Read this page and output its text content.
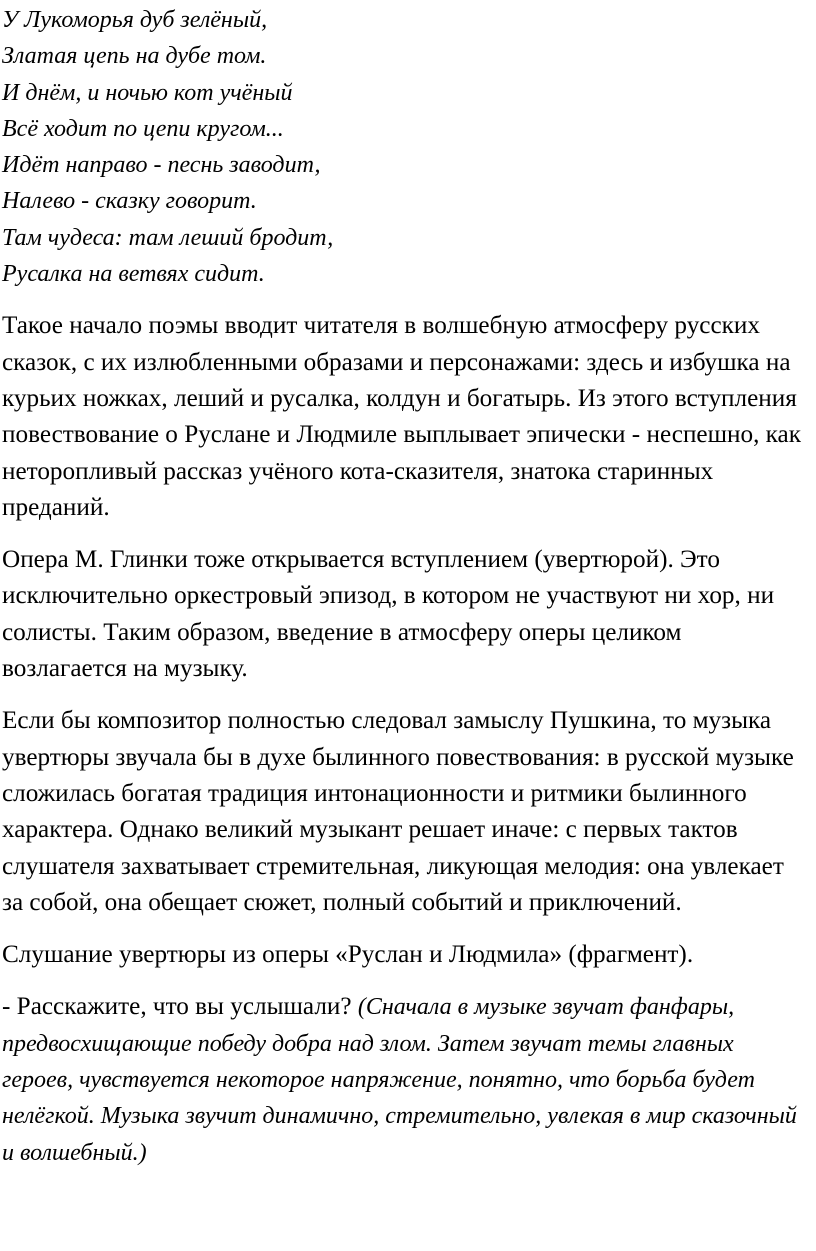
У Лукоморья дуб зелёный,
Златая цепь на дубе том.
И днём, и ночью кот учёный
Всё ходит по цепи кругом...
Идёт направо - песнь заводит,
Налево - сказку говорит.
Там чудеса: там леший бродит,
Русалка на ветвях сидит.

Такое начало поэмы вводит читателя в волшебную атмосферу русских сказок, с их излюбленными образами и персонажами: здесь и избушка на курьих ножках, леший и русалка, колдун и богатырь. Из этого вступления повествование о Руслане и Людмиле выплывает эпически - неспешно, как неторопливый рассказ учёного кота-сказителя, знатока старинных преданий.

Опера М. Глинки тоже открывается вступлением (увертюрой). Это исключительно оркестровый эпизод, в котором не участвуют ни хор, ни солисты. Таким образом, введение в атмосферу оперы целиком возлагается на музыку.

Если бы композитор полностью следовал замыслу Пушкина, то музыка увертюры звучала бы в духе былинного повествования: в русской музыке сложилась богатая традиция интонационности и ритмики былинного характера. Однако великий музыкант решает иначе: с первых тактов слушателя захватывает стремительная, ликующая мелодия: она увлекает за собой, она обещает сюжет, полный событий и приключений.

Слушание увертюры из оперы «Руслан и Людмила» (фрагмент).

- Расскажите, что вы услышали? (Сначала в музыке звучат фанфары, предвосхищающие победу добра над злом. Затем звучат темы главных героев, чувствуется некоторое напряжение, понятно, что борьба будет нелёгкой. Музыка звучит динамично, стремительно, увлекая в мир сказочный и волшебный.)
